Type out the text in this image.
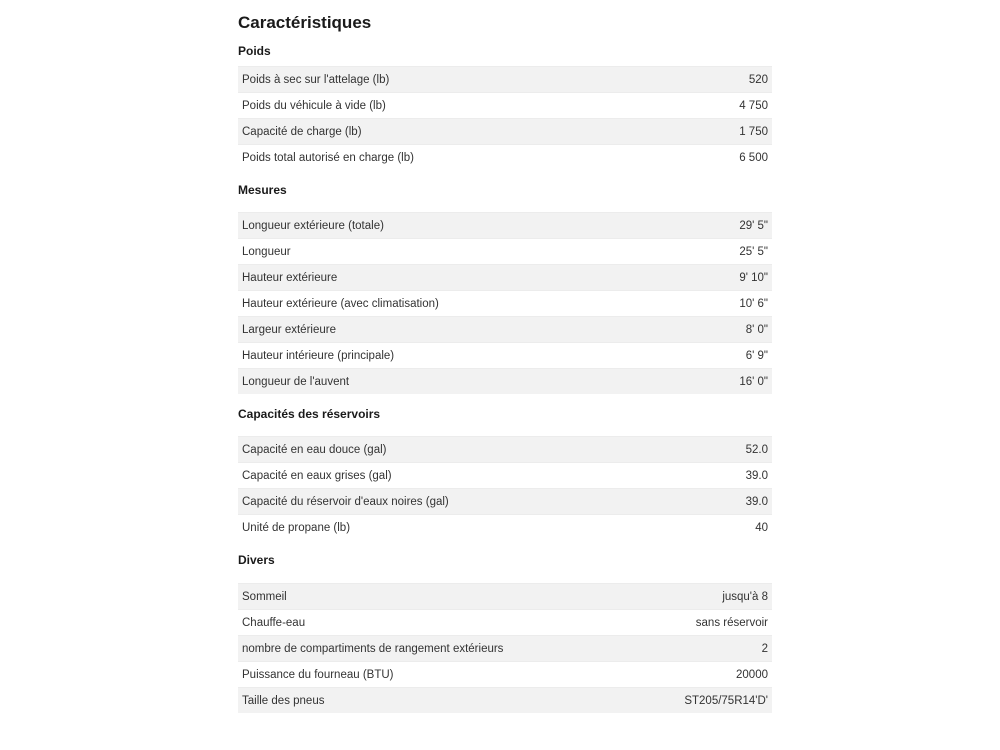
Caractéristiques
Poids
Poids à sec sur l'attelage (lb)	520
Poids du véhicule à vide (lb)	4 750
Capacité de charge (lb)	1 750
Poids total autorisé en charge (lb)	6 500
Mesures
Longueur extérieure (totale)	29' 5"
Longueur	25' 5"
Hauteur extérieure	9' 10"
Hauteur extérieure (avec climatisation)	10' 6"
Largeur extérieure	8' 0"
Hauteur intérieure (principale)	6' 9"
Longueur de l'auvent	16' 0"
Capacités des réservoirs
Capacité en eau douce (gal)	52.0
Capacité en eaux grises (gal)	39.0
Capacité du réservoir d'eaux noires (gal)	39.0
Unité de propane (lb)	40
Divers
Sommeil	jusqu'à 8
Chauffe-eau	sans réservoir
nombre de compartiments de rangement extérieurs	2
Puissance du fourneau (BTU)	20000
Taille des pneus	ST205/75R14'D'
